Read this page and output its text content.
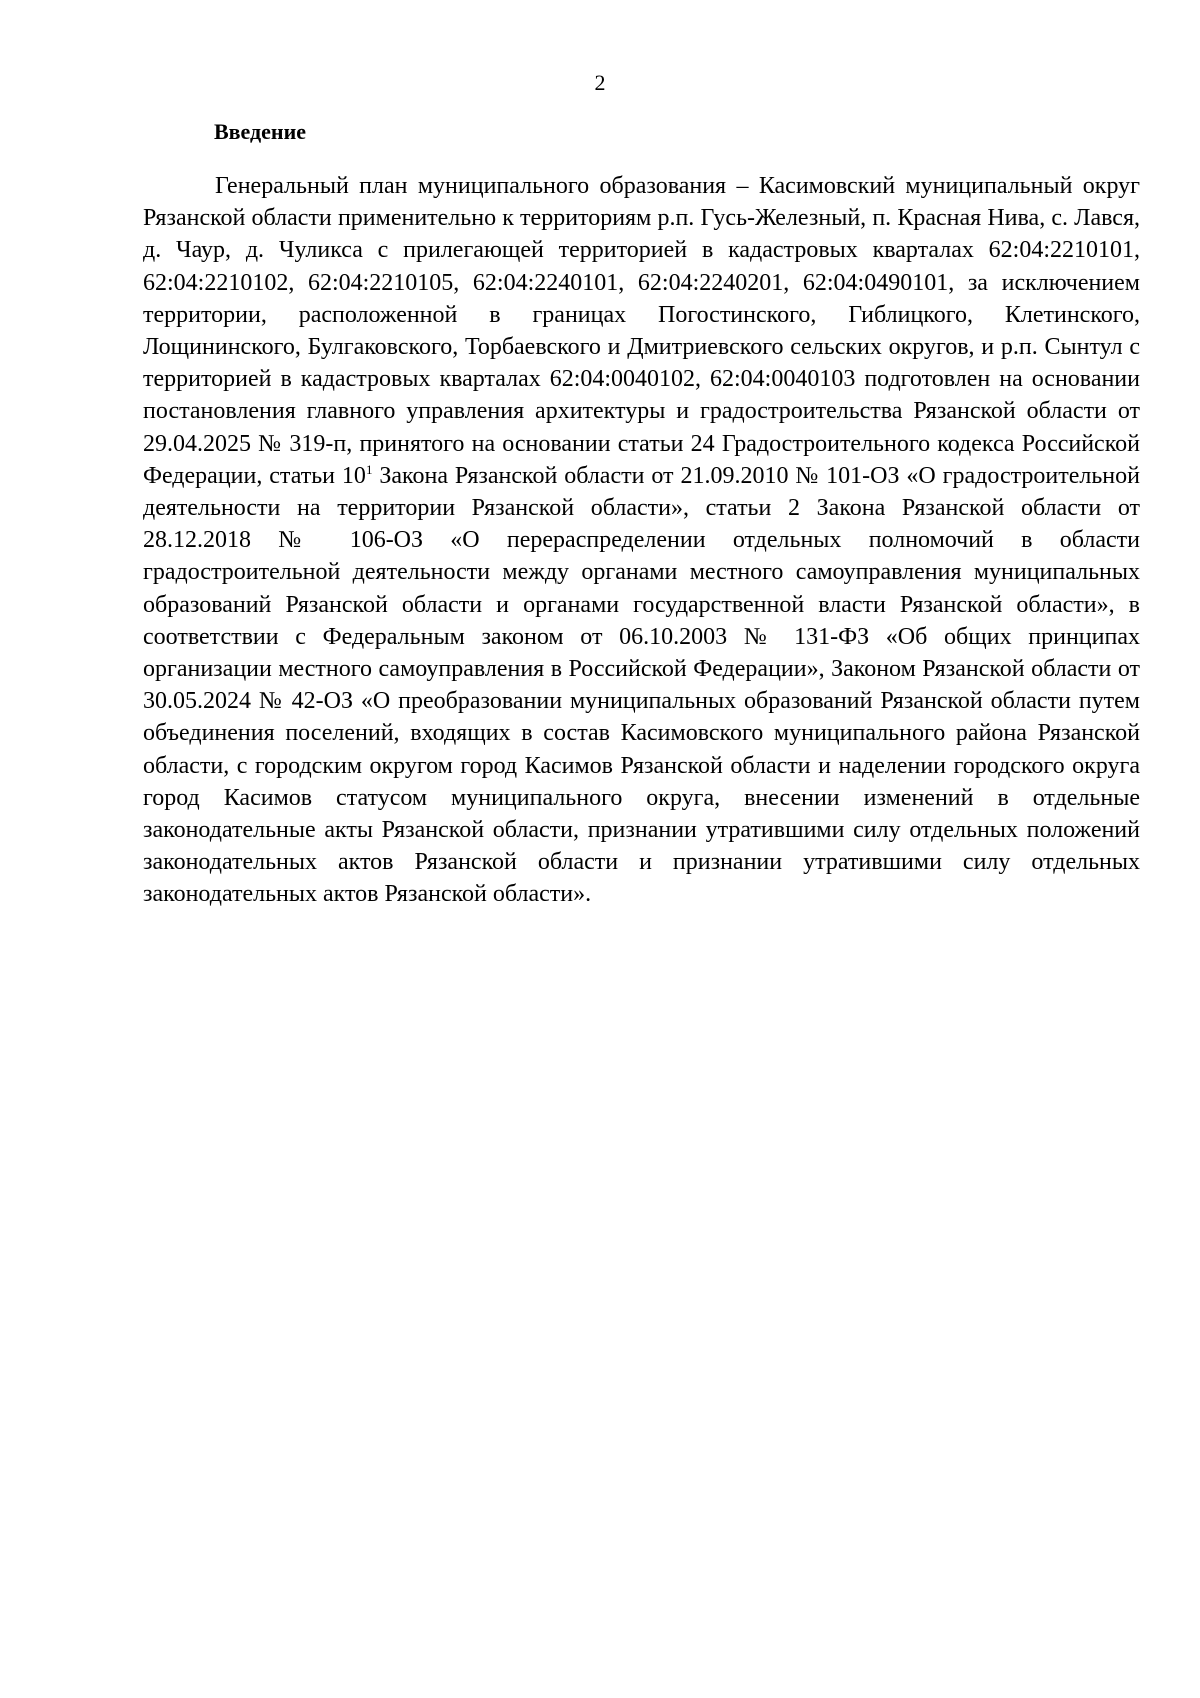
2
Введение

Генеральный план муниципального образования – Касимовский муниципальный округ Рязанской области применительно к территориям р.п. Гусь-Железный, п. Красная Нива, с. Лався, д. Чаур, д. Чуликса с прилегающей территорией в кадастровых кварталах 62:04:2210101, 62:04:2210102, 62:04:2210105, 62:04:2240101, 62:04:2240201, 62:04:0490101, за исключением территории, расположенной в границах Погостинского, Гиблицкого, Клетинского, Лощининского, Булгаковского, Торбаевского и Дмитриевского сельских округов, и р.п. Сынтул с территорией в кадастровых кварталах 62:04:0040102, 62:04:0040103 подготовлен на основании постановления главного управления архитектуры и градостроительства Рязанской области от 29.04.2025 № 319-п, принятого на основании статьи 24 Градостроительного кодекса Российской Федерации, статьи $10^1$ Закона Рязанской области от 21.09.2010 № 101-ОЗ «О градостроительной деятельности на территории Рязанской области», статьи 2 Закона Рязанской области от 28.12.2018 № 106-ОЗ «О перераспределении отдельных полномочий в области градостроительной деятельности между органами местного самоуправления муниципальных образований Рязанской области и органами государственной власти Рязанской области», в соответствии с Федеральным законом от 06.10.2003 № 131-ФЗ «Об общих принципах организации местного самоуправления в Российской Федерации», Законом Рязанской области от 30.05.2024 № 42-ОЗ «О преобразовании муниципальных образований Рязанской области путем объединения поселений, входящих в состав Касимовского муниципального района Рязанской области, с городским округом город Касимов Рязанской области и наделении городского округа город Касимов статусом муниципального округа, внесении изменений в отдельные законодательные акты Рязанской области, признании утратившими силу отдельных положений законодательных актов Рязанской области и признании утратившими силу отдельных законодательных актов Рязанской области».
